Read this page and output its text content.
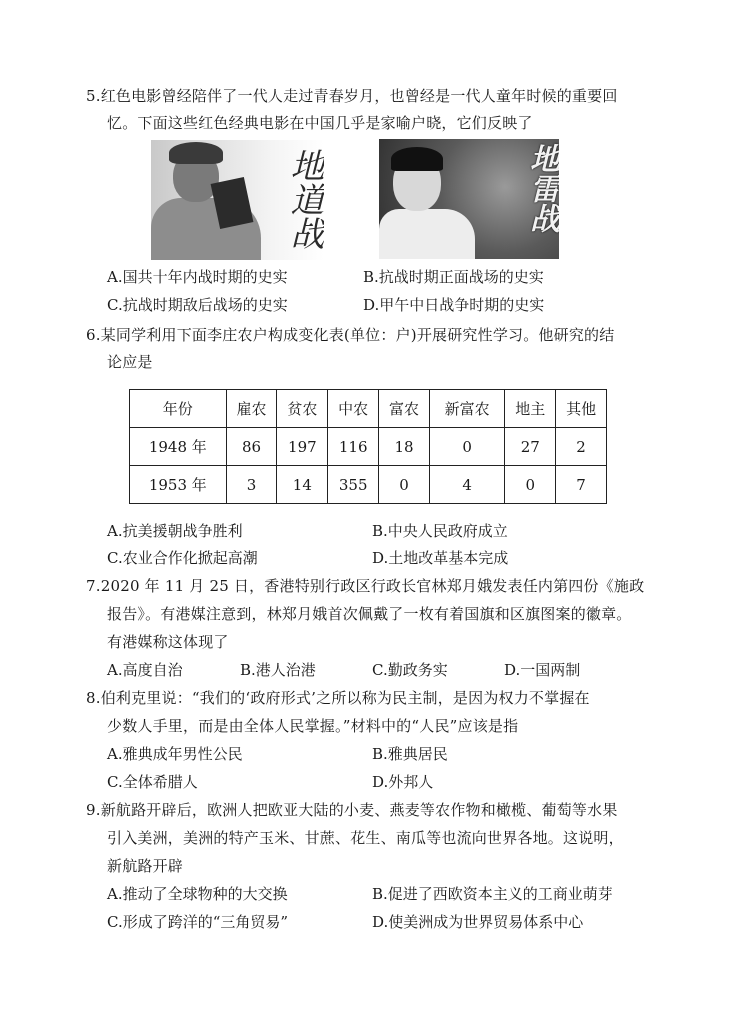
5.红色电影曾经陪伴了一代人走过青春岁月，也曾经是一代人童年时候的重要回
忆。下面这些红色经典电影在中国几乎是家喻户晓，它们反映了
地道战	地雷战
A.国共十年内战时期的史实	B.抗战时期正面战场的史实
C.抗战时期敌后战场的史实	D.甲午中日战争时期的史实
6.某同学利用下面李庄农户构成变化表(单位：户)开展研究性学习。他研究的结
论应是
年份	雇农	贫农	中农	富农	新富农	地主	其他
1948 年	86	197	116	18	0	27	2
1953 年	3	14	355	0	4	0	7
A.抗美援朝战争胜利	B.中央人民政府成立
C.农业合作化掀起高潮	D.土地改革基本完成
7.2020 年 11 月 25 日，香港特别行政区行政长官林郑月娥发表任内第四份《施政
报告》。有港媒注意到，林郑月娥首次佩戴了一枚有着国旗和区旗图案的徽章。
有港媒称这体现了
A.高度自治	B.港人治港	C.勤政务实	D.一国两制
8.伯利克里说：“我们的‘政府形式’之所以称为民主制，是因为权力不掌握在
少数人手里，而是由全体人民掌握。”材料中的“人民”应该是指
A.雅典成年男性公民	B.雅典居民
C.全体希腊人	D.外邦人
9.新航路开辟后，欧洲人把欧亚大陆的小麦、燕麦等农作物和橄榄、葡萄等水果
引入美洲，美洲的特产玉米、甘蔗、花生、南瓜等也流向世界各地。这说明，
新航路开辟
A.推动了全球物种的大交换	B.促进了西欧资本主义的工商业萌芽
C.形成了跨洋的“三角贸易”	D.使美洲成为世界贸易体系中心
